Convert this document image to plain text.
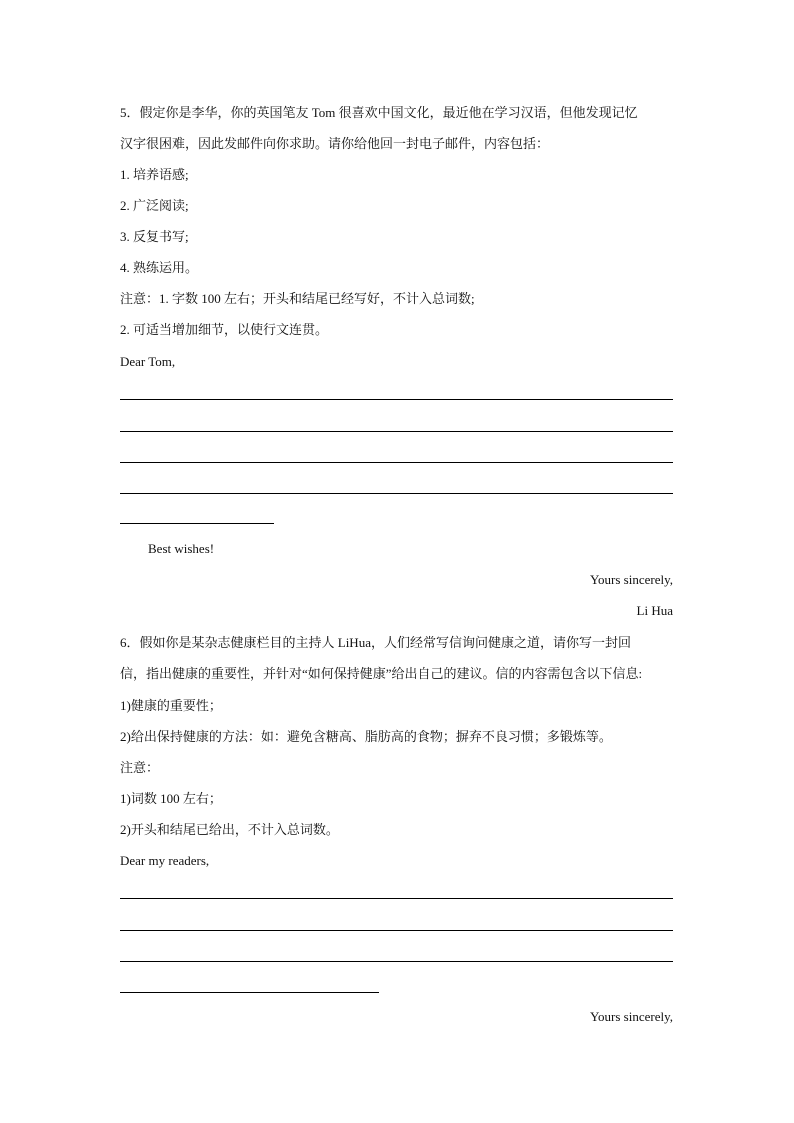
5．假定你是李华，你的英国笔友 Tom 很喜欢中国文化，最近他在学习汉语，但他发现记忆
汉字很困难，因此发邮件向你求助。请你给他回一封电子邮件，内容包括：
1. 培养语感;
2. 广泛阅读;
3. 反复书写;
4. 熟练运用。
注意：1. 字数 100 左右；开头和结尾已经写好，不计入总词数;
2. 可适当增加细节，以使行文连贯。
Dear Tom,
Best wishes!
Yours sincerely,
Li Hua
6．假如你是某杂志健康栏目的主持人 LiHua，人们经常写信询问健康之道，请你写一封回
信，指出健康的重要性，并针对“如何保持健康”给出自己的建议。信的内容需包含以下信息:
1)健康的重要性；
2)给出保持健康的方法：如：避免含糖高、脂肪高的食物；摒弃不良习惯；多锻炼等。
注意：
1)词数 100 左右；
2)开头和结尾已给出，不计入总词数。
Dear my readers,
Yours sincerely,
